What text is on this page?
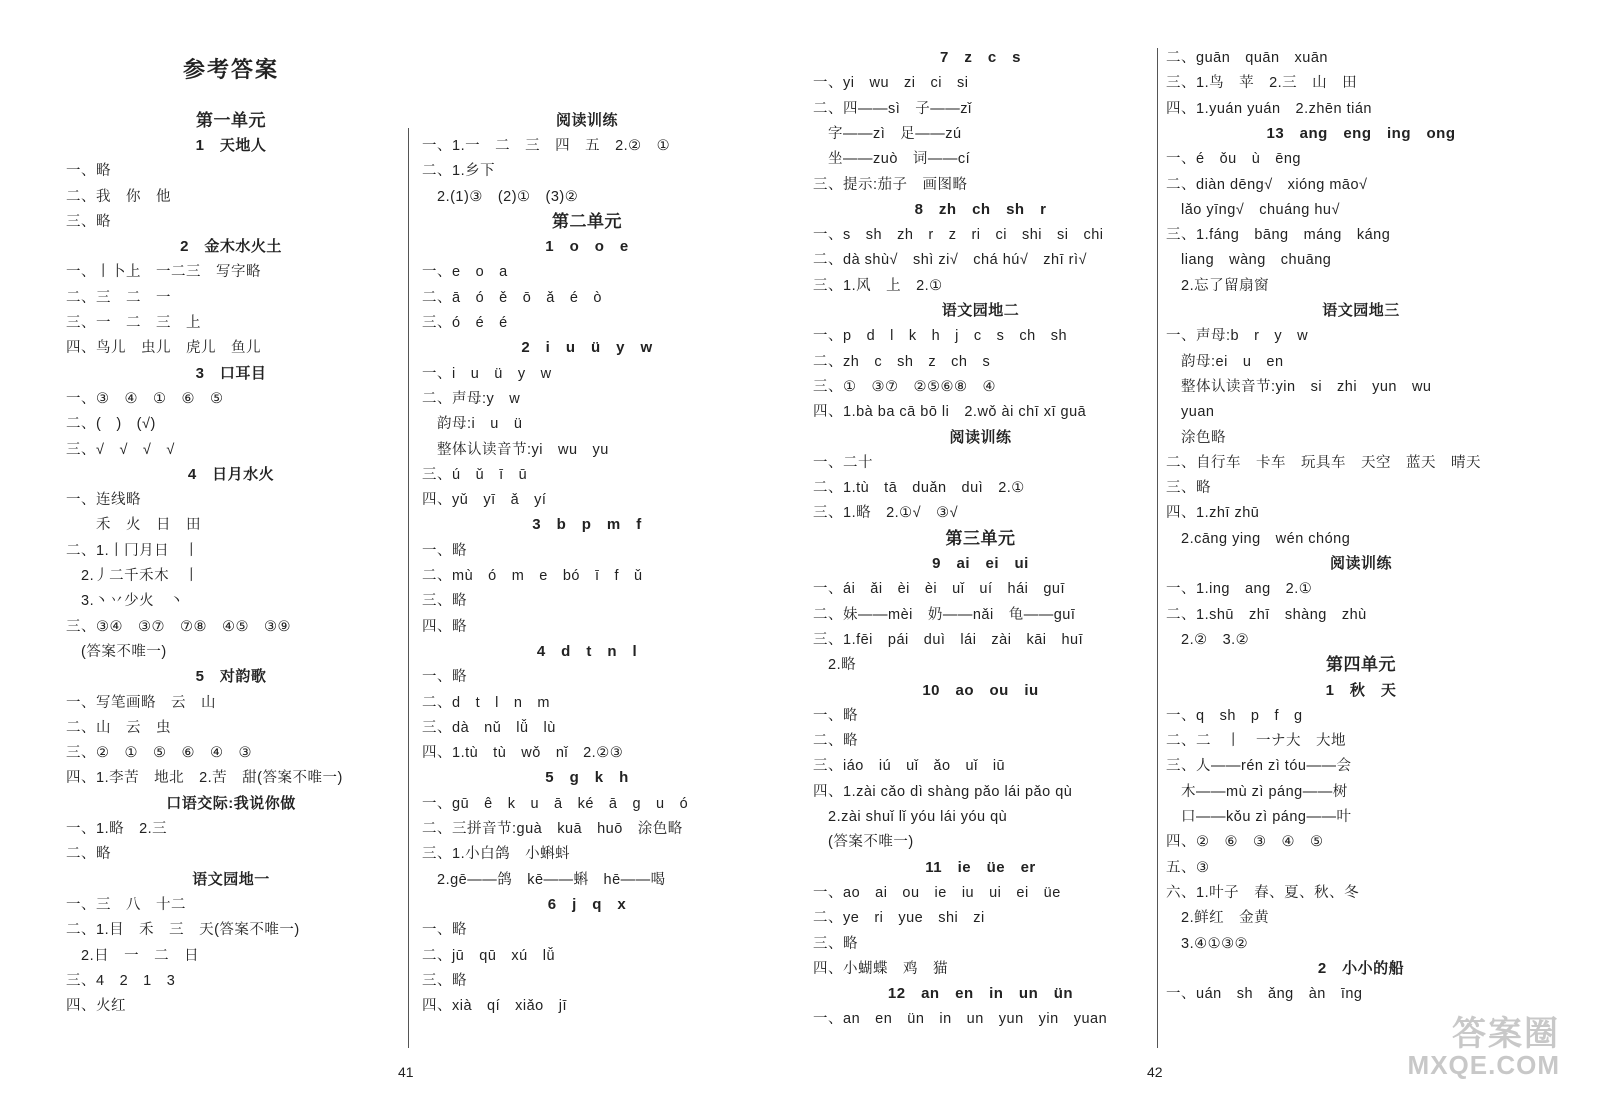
参考答案
第一单元
1　天地人
一、略
二、我　你　他
三、略
2　金木水火土
一、丨卜上　一二三　写字略
二、三　二　一
三、一　二　三　上
四、鸟儿　虫儿　虎儿　鱼儿
3　口耳目
一、③　④　①　⑥　⑤
二、(　)　(√)
三、√　√　√　√
4　日月水火
一、连线略
　　禾　火　日　田
二、1.丨冂月日　丨
　2.丿二千禾木　丨
　3.丶丷少火　丶
三、③④　③⑦　⑦⑧　④⑤　③⑨
　(答案不唯一)
5　对韵歌
一、写笔画略　云　山
二、山　云　虫
三、②　①　⑤　⑥　④　③
四、1.李苦　地北　2.苦　甜(答案不唯一)
口语交际:我说你做
一、1.略　2.三
二、略
语文园地一
一、三　八　十二
二、1.目　禾　三　天(答案不唯一)
　2.日　一　二　日
三、4　2　1　3
四、火红
阅读训练
一、1.一　二　三　四　五　2.②　①
二、1.乡下
　2.(1)③　(2)①　(3)②
第二单元
1　o　o　e
一、e　o　a
二、ā　ó　ě　ō　ǎ　é　ò
三、ó　é　é
2　i　u　ü　y　w
一、i　u　ü　y　w
二、声母:y　w
　韵母:i　u　ü
　整体认读音节:yi　wu　yu
三、ú　ǔ　ī　ū
四、yǔ　yī　ǎ　yí
3　b　p　m　f
一、略
二、mù　ó　m　e　bó　ī　f　ǔ
三、略
四、略
4　d　t　n　l
一、略
二、d　t　l　n　m
三、dà　nǔ　lǚ　lù
四、1.tù　tù　wǒ　nǐ　2.②③
5　g　k　h
一、gū　ê　k　u　ā　ké　ā　g　u　ó
二、三拼音节:guà　kuā　huō　涂色略
三、1.小白鸽　小蝌蚪
　2.gē——鸽　kē——蝌　hē——喝
6　j　q　x
一、略
二、jū　qū　xú　lǚ
三、略
四、xià　qí　xiǎo　jī
7　z　c　s
一、yi　wu　zi　ci　si
二、四——sì　子——zǐ
　字——zì　足——zú
　坐——zuò　词——cí
三、提示:茄子　画图略
8　zh　ch　sh　r
一、s　sh　zh　r　z　ri　ci　shi　si　chi
二、dà shù√　shì zi√　chá hú√　zhī rì√
三、1.风　上　2.①
语文园地二
一、p　d　l　k　h　j　c　s　ch　sh
二、zh　c　sh　z　ch　s
三、①　③⑦　②⑤⑥⑧　④
四、1.bà ba cā bō li　2.wǒ ài chī xī guā
阅读训练
一、二十
二、1.tù　tā　duǎn　duì　2.①
三、1.略　2.①√　③√
第三单元
9　ai　ei　ui
一、ái　ǎi　èi　èi　uǐ　uí　hái　guī
二、妹——mèi　奶——nǎi　龟——guī
三、1.fēi　pái　duì　lái　zài　kāi　huī
　2.略
10　ao　ou　iu
一、略
二、略
三、iáo　iú　uǐ　ǎo　uǐ　iū
四、1.zài cǎo dì shàng pǎo lái pǎo qù
　2.zài shuǐ lǐ yóu lái yóu qù
　(答案不唯一)
11　ie　üe　er
一、ao　ai　ou　ie　iu　ui　ei　üe
二、ye　ri　yue　shi　zi
三、略
四、小蝴蝶　鸡　猫
12　an　en　in　un　ün
一、an　en　ün　in　un　yun　yin　yuan
二、guān　quān　xuān
三、1.鸟　苹　2.三　山　田
四、1.yuán yuán　2.zhēn tián
13　ang　eng　ing　ong
一、é　ǒu　ù　ēng
二、diàn dēng√　xióng māo√
　lǎo yīng√　chuáng hu√
三、1.fáng　bāng　máng　káng
　liang　wàng　chuāng
　2.忘了留扇窗
语文园地三
一、声母:b　r　y　w
　韵母:ei　u　en
　整体认读音节:yin　si　zhi　yun　wu
　yuan
　涂色略
二、自行车　卡车　玩具车　天空　蓝天　晴天
三、略
四、1.zhī zhū
　2.cāng ying　wén chóng
阅读训练
一、1.ing　ang　2.①
二、1.shū　zhī　shàng　zhù
　2.②　3.②
第四单元
1　秋　天
一、q　sh　p　f　g
二、二　丨　一ナ大　大地
三、人——rén zì tóu——会
　木——mù zì páng——树
　口——kǒu zì páng——叶
四、②　⑥　③　④　⑤
五、③
六、1.叶子　春、夏、秋、冬
　2.鲜红　金黄
　3.④①③②
2　小小的船
一、uán　sh　ǎng　àn　īng
41	42
答案圈
MXQE.COM
